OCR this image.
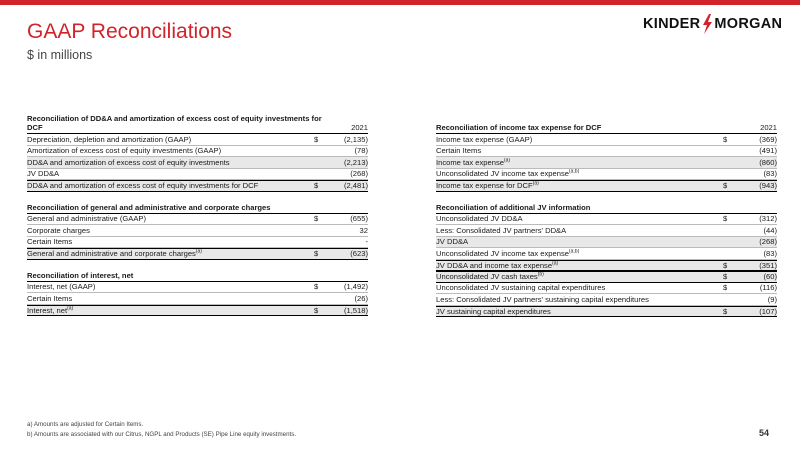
GAAP Reconciliations
$ in millions
KINDER MORGAN
Reconciliation of DD&A and amortization of excess cost of equity investments for DCF	2021
Depreciation, depletion and amortization (GAAP)	$	(2,135)
Amortization of excess cost of equity investments (GAAP)	(78)
DD&A and amortization of excess cost of equity investments	(2,213)
JV DD&A	(268)
DD&A and amortization of excess cost of equity investments for DCF	$	(2,481)
Reconciliation of general and administrative and corporate charges
General and administrative (GAAP)	$	(655)
Corporate charges	32
Certain Items	-
General and administrative and corporate charges$^{(a)}$	$	(623)
Reconciliation of interest, net
Interest, net (GAAP)	$	(1,492)
Certain Items	(26)
Interest, net$^{(a)}$	$	(1,518)
Reconciliation of income tax expense for DCF	2021
Income tax expense (GAAP)	$	(369)
Certain Items	(491)
Income tax expense$^{(a)}$	(860)
Unconsolidated JV income tax expense$^{(a,b)}$	(83)
Income tax expense for DCF$^{(a)}$	$	(943)
Reconciliation of additional JV information
Unconsolidated JV DD&A	$	(312)
Less: Consolidated JV partners' DD&A	(44)
JV DD&A	(268)
Unconsolidated JV income tax expense$^{(a,b)}$	(83)
JV DD&A and income tax expense$^{(a)}$	$	(351)
Unconsolidated JV cash taxes$^{(b)}$	$	(60)
Unconsolidated JV sustaining capital expenditures	$	(116)
Less: Consolidated JV partners' sustaining capital expenditures	(9)
JV sustaining capital expenditures	$	(107)
a) Amounts are adjusted for Certain Items.
b) Amounts are associated with our Citrus, NGPL and Products (SE) Pipe Line equity investments.	54
